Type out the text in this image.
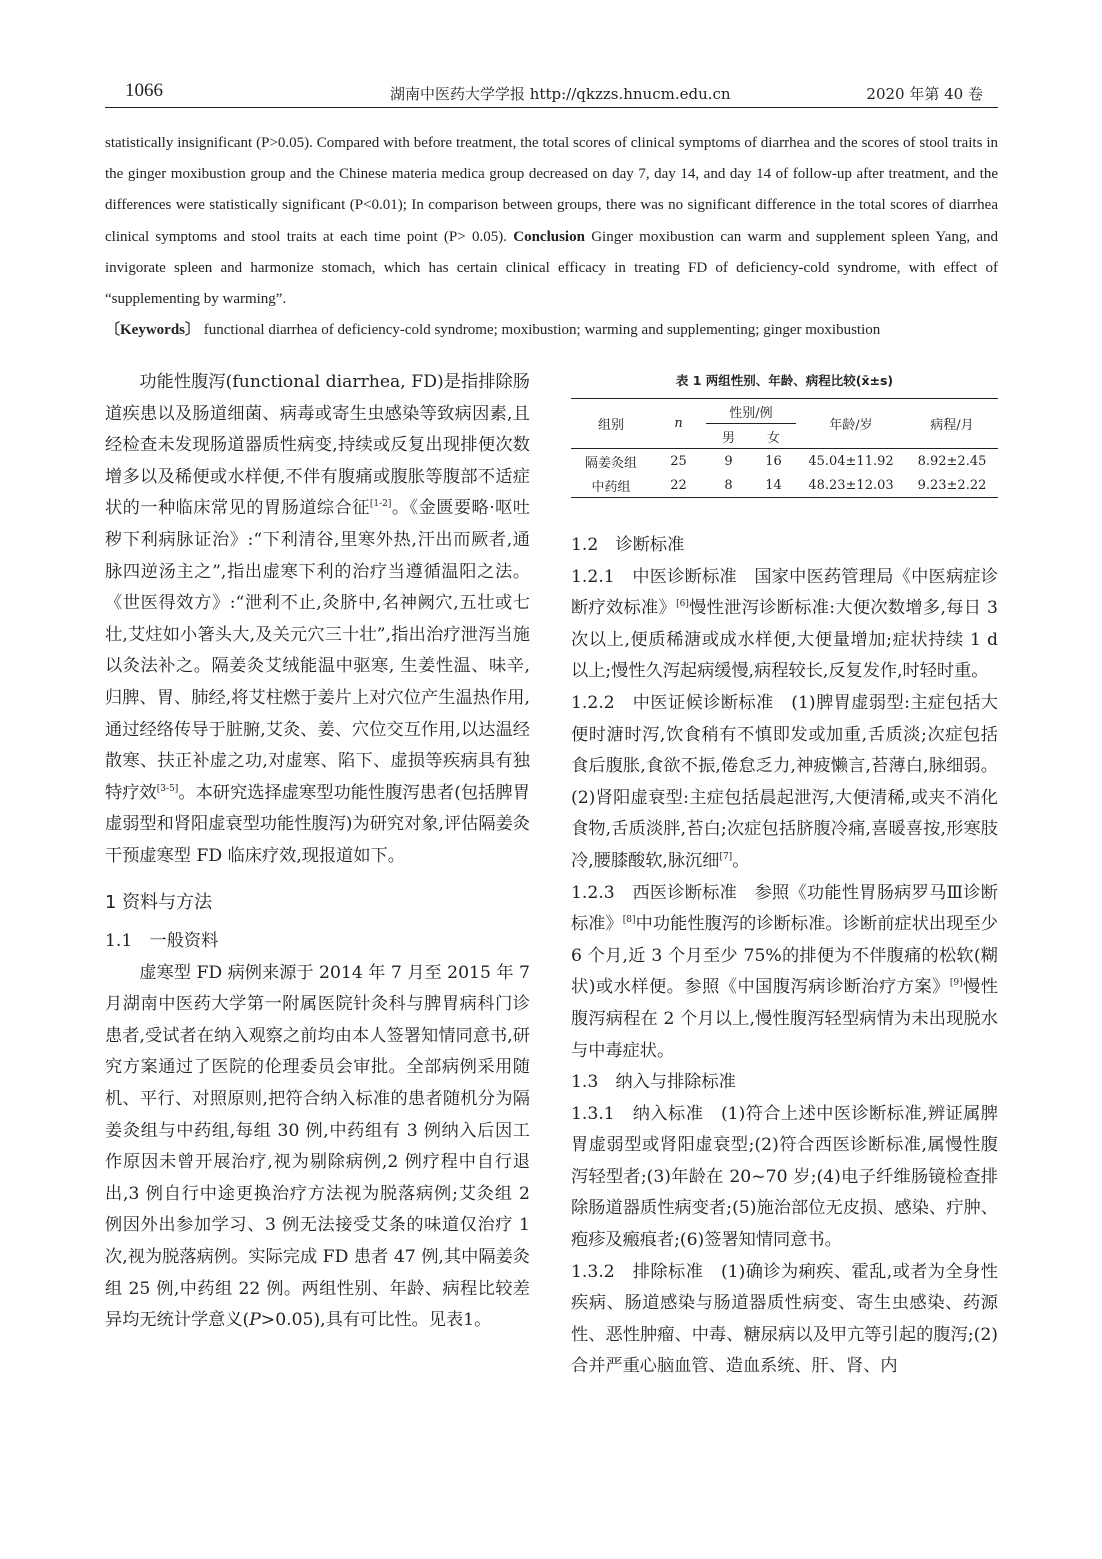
1066	湖南中医药大学学报 http://qkzzs.hnucm.edu.cn	2020 年第 40 卷
statistically insignificant (P>0.05). Compared with before treatment, the total scores of clinical symptoms of diarrhea and the scores of stool traits in the ginger moxibustion group and the Chinese materia medica group decreased on day 7, day 14, and day 14 of follow-up after treatment, and the differences were statistically significant (P<0.01); In comparison between groups, there was no significant difference in the total scores of diarrhea clinical symptoms and stool traits at each time point (P> 0.05). Conclusion Ginger moxibustion can warm and supplement spleen Yang, and invigorate spleen and harmonize stomach, which has certain clinical efficacy in treating FD of deficiency-cold syndrome, with effect of “supplementing by warming”.
〔Keywords〕 functional diarrhea of deficiency-cold syndrome; moxibustion; warming and supplementing; ginger moxibustion

功能性腹泻(functional diarrhea, FD)是指排除肠道疾患以及肠道细菌、病毒或寄生虫感染等致病因素,且经检查未发现肠道器质性病变,持续或反复出现排便次数增多以及稀便或水样便,不伴有腹痛或腹胀等腹部不适症状的一种临床常见的胃肠道综合征[1-2]。《金匮要略·呕吐秽下利病脉证治》:“下利清谷,里寒外热,汗出而厥者,通脉四逆汤主之”,指出虚寒下利的治疗当遵循温阳之法。《世医得效方》:“泄利不止,灸脐中,名神阙穴,五壮或七壮,艾炷如小箸头大,及关元穴三十壮”,指出治疗泄泻当施以灸法补之。隔姜灸艾绒能温中驱寒, 生姜性温、味辛,归脾、胃、肺经,将艾柱燃于姜片上对穴位产生温热作用,通过经络传导于脏腑,艾灸、姜、穴位交互作用,以达温经散寒、扶正补虚之功,对虚寒、陷下、虚损等疾病具有独特疗效[3-5]。本研究选择虚寒型功能性腹泻患者(包括脾胃虚弱型和肾阳虚衰型功能性腹泻)为研究对象,评估隔姜灸干预虚寒型 FD 临床疗效,现报道如下。

1 资料与方法

1.1　一般资料

虚寒型 FD 病例来源于 2014 年 7 月至 2015 年 7 月湖南中医药大学第一附属医院针灸科与脾胃病科门诊患者,受试者在纳入观察之前均由本人签署知情同意书,研究方案通过了医院的伦理委员会审批。全部病例采用随机、平行、对照原则,把符合纳入标准的患者随机分为隔姜灸组与中药组,每组 30 例,中药组有 3 例纳入后因工作原因未曾开展治疗,视为剔除病例,2 例疗程中自行退出,3 例自行中途更换治疗方法视为脱落病例;艾灸组 2 例因外出参加学习、3 例无法接受艾条的味道仅治疗 1 次,视为脱落病例。实际完成 FD 患者 47 例,其中隔姜灸组 25 例,中药组 22 例。两组性别、年龄、病程比较差异均无统计学意义(P>0.05),具有可比性。见表1。

表 1 两组性别、年龄、病程比较(x̄±s)
组别	n	性别/例		年龄/岁	病程/月
		男	女		
隔姜灸组	25	9	16	45.04±11.92	8.92±2.45
中药组	22	8	14	48.23±12.03	9.23±2.22

1.2　诊断标准

1.2.1　中医诊断标准　国家中医药管理局《中医病症诊断疗效标准》[6]慢性泄泻诊断标准:大便次数增多,每日 3 次以上,便质稀溏或成水样便,大便量增加;症状持续 1 d 以上;慢性久泻起病缓慢,病程较长,反复发作,时轻时重。

1.2.2　中医证候诊断标准　(1)脾胃虚弱型:主症包括大便时溏时泻,饮食稍有不慎即发或加重,舌质淡;次症包括食后腹胀,食欲不振,倦怠乏力,神疲懒言,苔薄白,脉细弱。(2)肾阳虚衰型:主症包括晨起泄泻,大便清稀,或夹不消化食物,舌质淡胖,苔白;次症包括脐腹冷痛,喜暖喜按,形寒肢冷,腰膝酸软,脉沉细[7]。

1.2.3　西医诊断标准　参照《功能性胃肠病罗马Ⅲ诊断标准》[8]中功能性腹泻的诊断标准。诊断前症状出现至少 6 个月,近 3 个月至少 75%的排便为不伴腹痛的松软(糊状)或水样便。参照《中国腹泻病诊断治疗方案》[9]慢性腹泻病程在 2 个月以上,慢性腹泻轻型病情为未出现脱水与中毒症状。

1.3　纳入与排除标准

1.3.1　纳入标准　(1)符合上述中医诊断标准,辨证属脾胃虚弱型或肾阳虚衰型;(2)符合西医诊断标准,属慢性腹泻轻型者;(3)年龄在 20~70 岁;(4)电子纤维肠镜检查排除肠道器质性病变者;(5)施治部位无皮损、感染、疔肿、疱疹及瘢痕者;(6)签署知情同意书。

1.3.2　排除标准　(1)确诊为痢疾、霍乱,或者为全身性疾病、肠道感染与肠道器质性病变、寄生虫感染、药源性、恶性肿瘤、中毒、糖尿病以及甲亢等引起的腹泻;(2)合并严重心脑血管、造血系统、肝、肾、内
